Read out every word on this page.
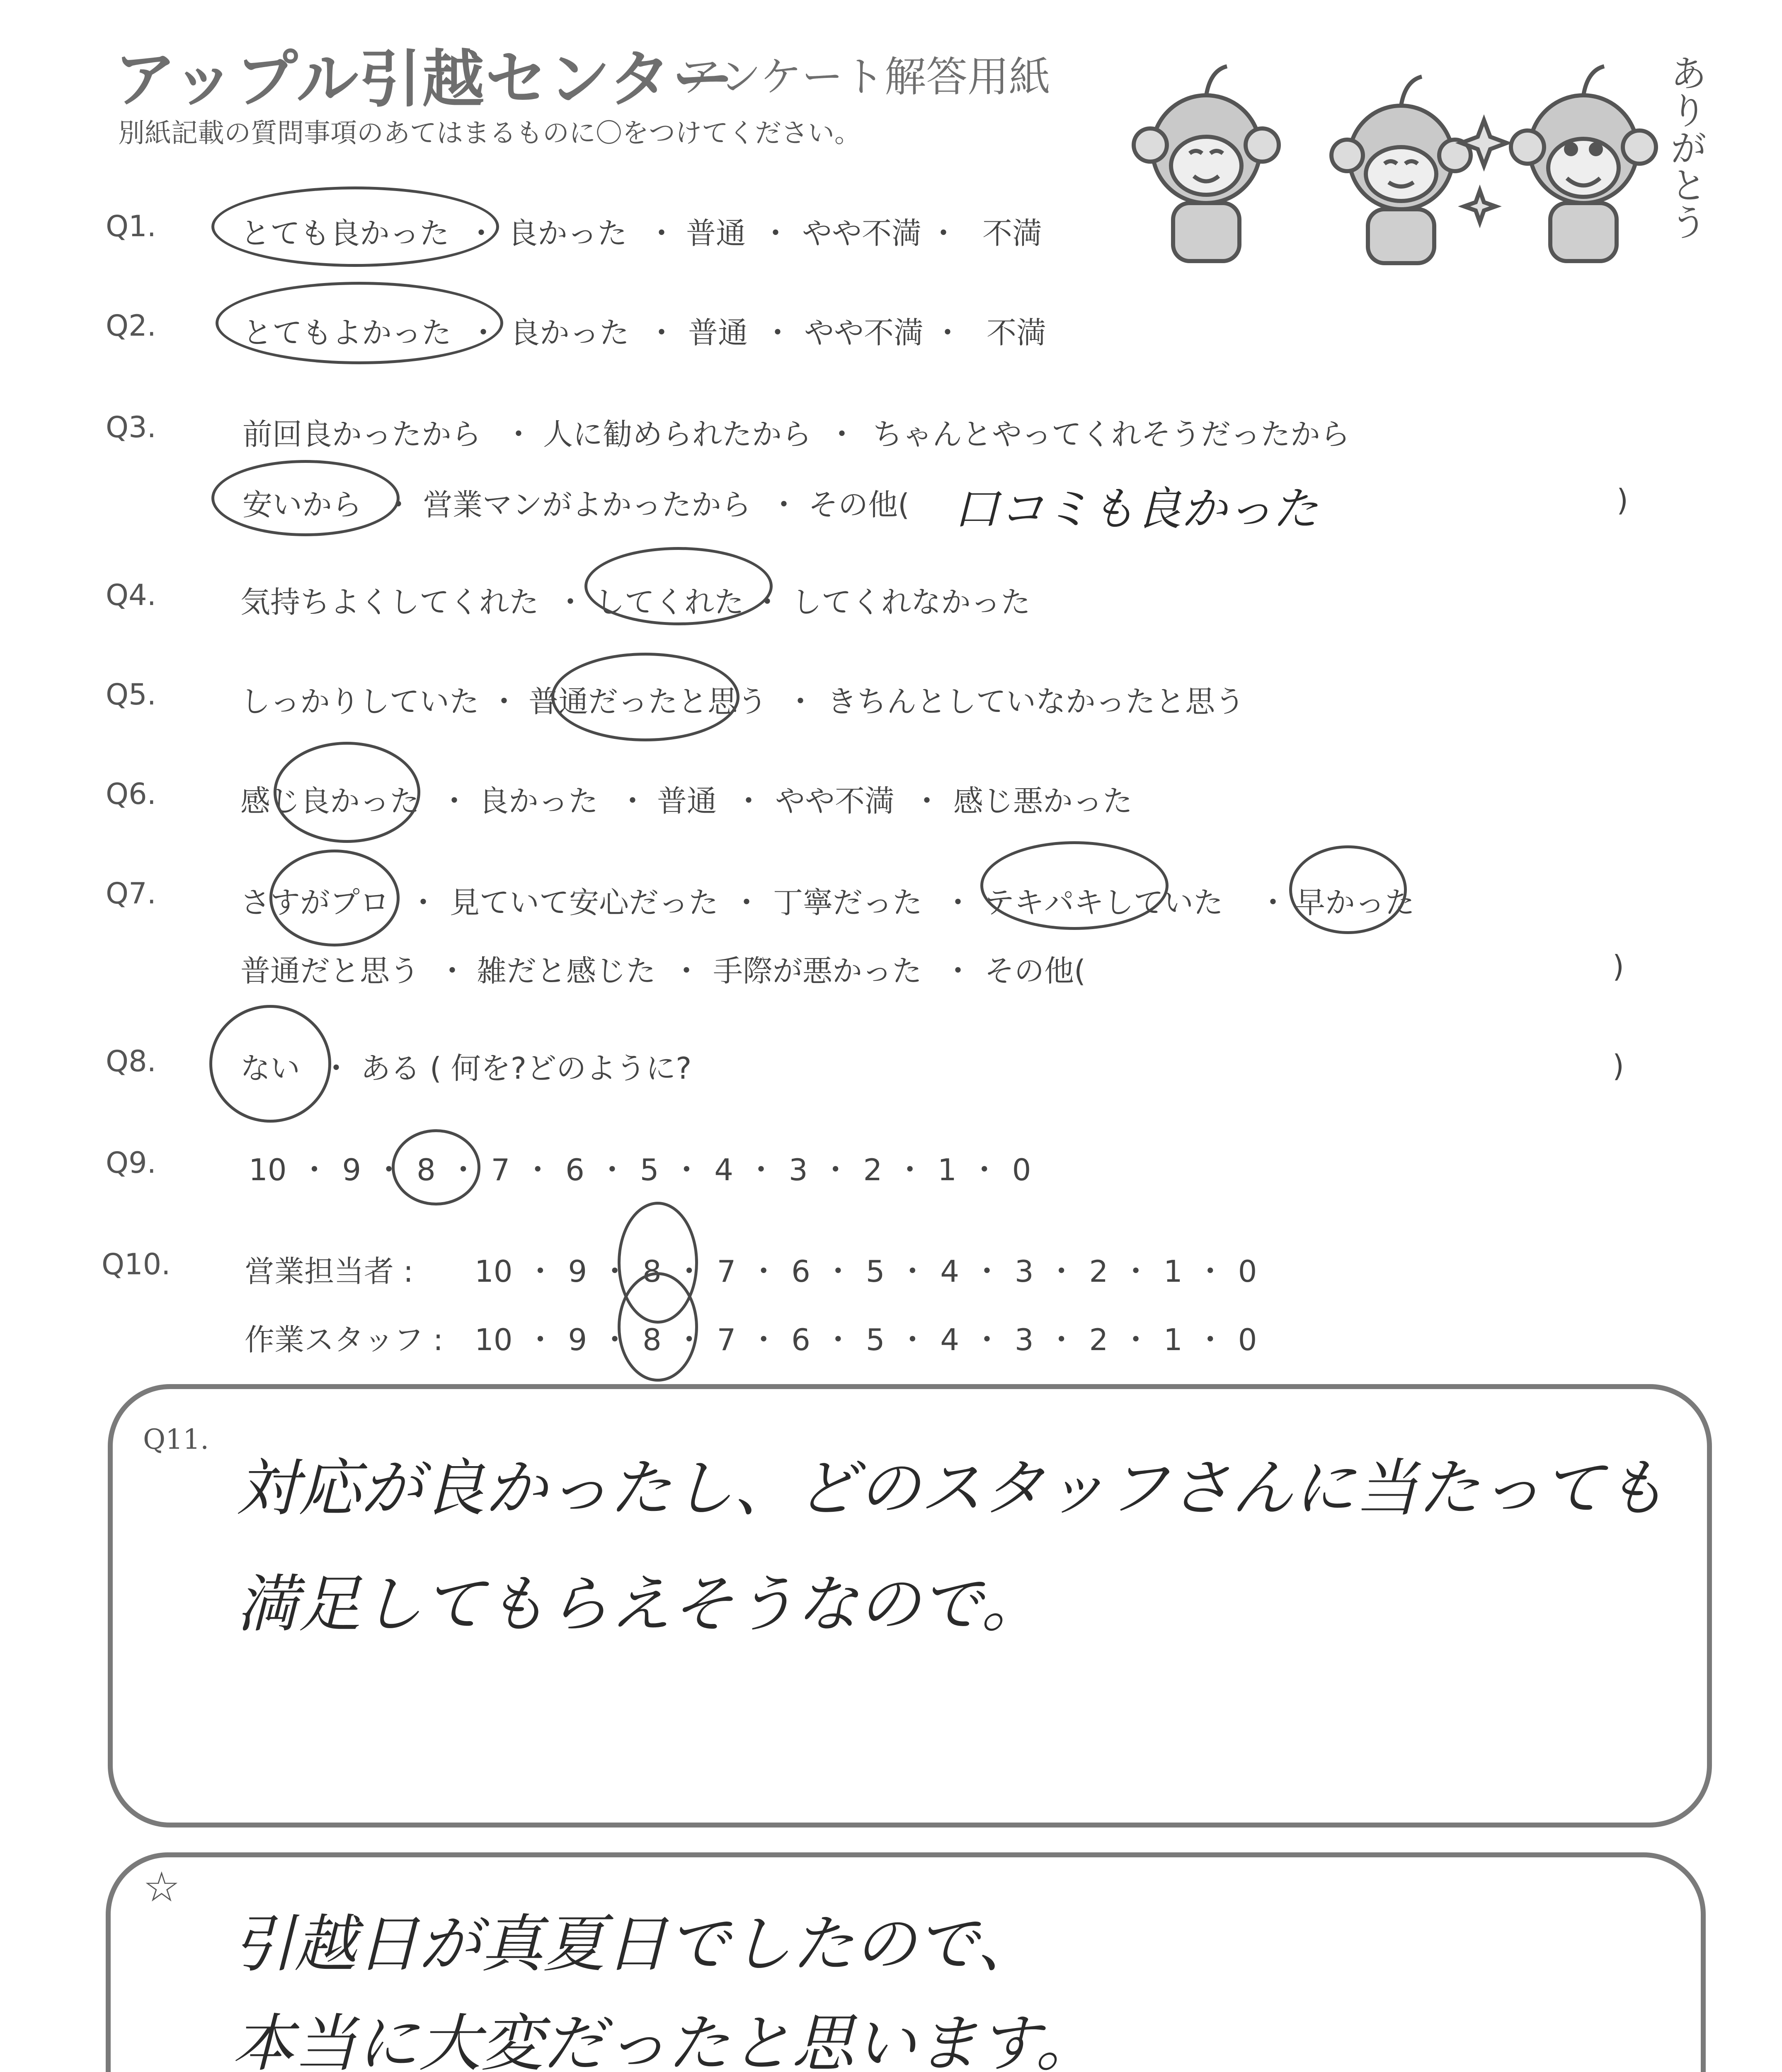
アップル引越センター
アンケート解答用紙
別紙記載の質問事項のあてはまるものに〇をつけてください。	ありがとう
Q1.	とても良かった ・ 良かった ・ 普通 ・ やや不満 ・ 不満
Q2.	とてもよかった ・ 良かった ・ 普通 ・ やや不満 ・ 不満
Q3.	前回良かったから ・ 人に勧められたから ・ ちゃんとやってくれそうだったから
安いから ・ 営業マンがよかったから ・ その他( 口コミも良かった	)
Q4.	気持ちよくしてくれた ・ してくれた ・ してくれなかった
Q5.	しっかりしていた ・ 普通だったと思う ・ きちんとしていなかったと思う
Q6.	感じ良かった ・ 良かった ・ 普通 ・ やや不満 ・ 感じ悪かった
Q7.	さすがプロ ・ 見ていて安心だった ・ 丁寧だった ・ テキパキしていた ・ 早かった
普通だと思う ・ 雑だと感じた ・ 手際が悪かった ・ その他(	)
Q8.	ない ・ ある ( 何を?どのように?	)
Q9.	10 ・ 9 ・ 8 ・ 7 ・ 6 ・ 5 ・ 4 ・ 3 ・ 2 ・ 1 ・ 0
Q10. 営業担当者 : 10 ・ 9 ・ 8 ・ 7 ・ 6 ・ 5 ・ 4 ・ 3 ・ 2 ・ 1 ・ 0
作業スタッフ : 10 ・ 9 ・ 8 ・ 7 ・ 6 ・ 5 ・ 4 ・ 3 ・ 2 ・ 1 ・ 0
Q11.
対応が良かったし、どのスタッフさんに当たっても
満足してもらえそうなので。
☆
引越日が真夏日でしたので、
本当に大変だったと思います。
